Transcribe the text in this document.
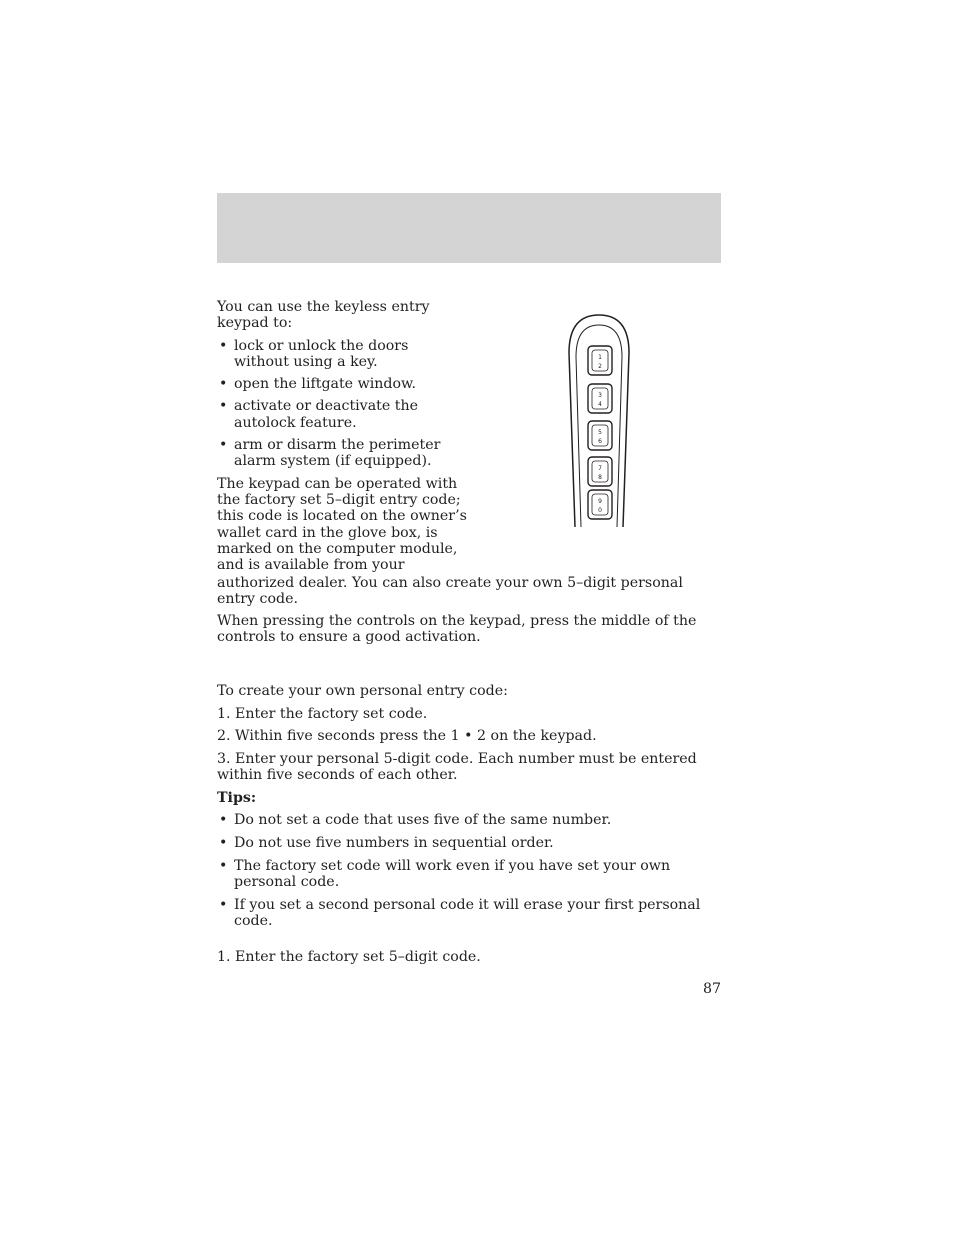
You can use the keyless entry keypad to:

• lock or unlock the doors without using a key.
• open the liftgate window.
• activate or deactivate the autolock feature.
• arm or disarm the perimeter alarm system (if equipped).

The keypad can be operated with the factory set 5–digit entry code; this code is located on the owner’s wallet card in the glove box, is marked on the computer module, and is available from your

authorized dealer. You can also create your own 5–digit personal entry code.

When pressing the controls on the keypad, press the middle of the controls to ensure a good activation.

To create your own personal entry code:

1. Enter the factory set code.

2. Within five seconds press the 1 • 2 on the keypad.

3. Enter your personal 5-digit code. Each number must be entered within five seconds of each other.

Tips:
• Do not set a code that uses five of the same number.
• Do not use five numbers in sequential order.
• The factory set code will work even if you have set your own personal code.
• If you set a second personal code it will erase your first personal code.

1. Enter the factory set 5–digit code.

87
1
2
3
4
5
6
7
8
9
0
